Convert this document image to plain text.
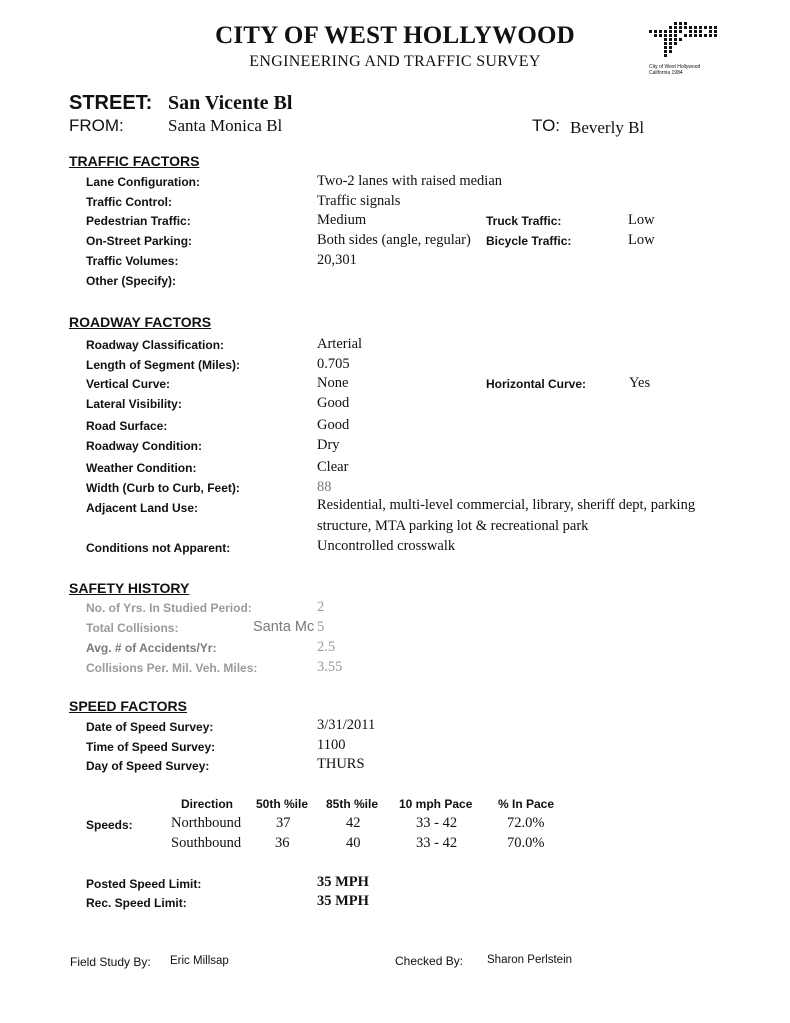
CITY OF WEST HOLLYWOOD
ENGINEERING AND TRAFFIC SURVEY	City of West Hollywood
California 1984
STREET: San Vicente Bl
FROM:	Santa Monica Bl	TO: Beverly Bl
TRAFFIC FACTORS
Lane Configuration:	Two-2 lanes with raised median
Traffic Control:	Traffic signals
Pedestrian Traffic:	Medium	Truck Traffic:	Low
On-Street Parking:	Both sides (angle, regular) Bicycle Traffic:	Low
Traffic Volumes:	20,301
Other (Specify):
ROADWAY FACTORS
Roadway Classification:	Arterial
Length of Segment (Miles):	0.705
Vertical Curve:	None	Horizontal Curve:	Yes
Lateral Visibility:	Good
Road Surface:	Good
Roadway Condition:	Dry
Weather Condition:	Clear
Width (Curb to Curb, Feet):	88
Adjacent Land Use:	Residential, multi-level commercial, library, sheriff dept, parking
structure, MTA parking lot & recreational park
Conditions not Apparent:	Uncontrolled crosswalk
SAFETY HISTORY
No. of Yrs. In Studied Period:	2
Total Collisions:	Santa Mc 5
Avg. # of Accidents/Yr:	2.5
Collisions Per. Mil. Veh. Miles:	3.55
SPEED FACTORS
Date of Speed Survey:	3/31/2011
Time of Speed Survey:	1100
Day of Speed Survey:	THURS
Direction 50th %ile 85th %ile 10 mph Pace % In Pace
Speeds:	Northbound 37	42	33 - 42	72.0%
Southbound 36	40	33 - 42	70.0%
Posted Speed Limit:	35 MPH
Rec. Speed Limit:	35 MPH
Field Study By: Eric Millsap	Checked By: Sharon Perlstein
